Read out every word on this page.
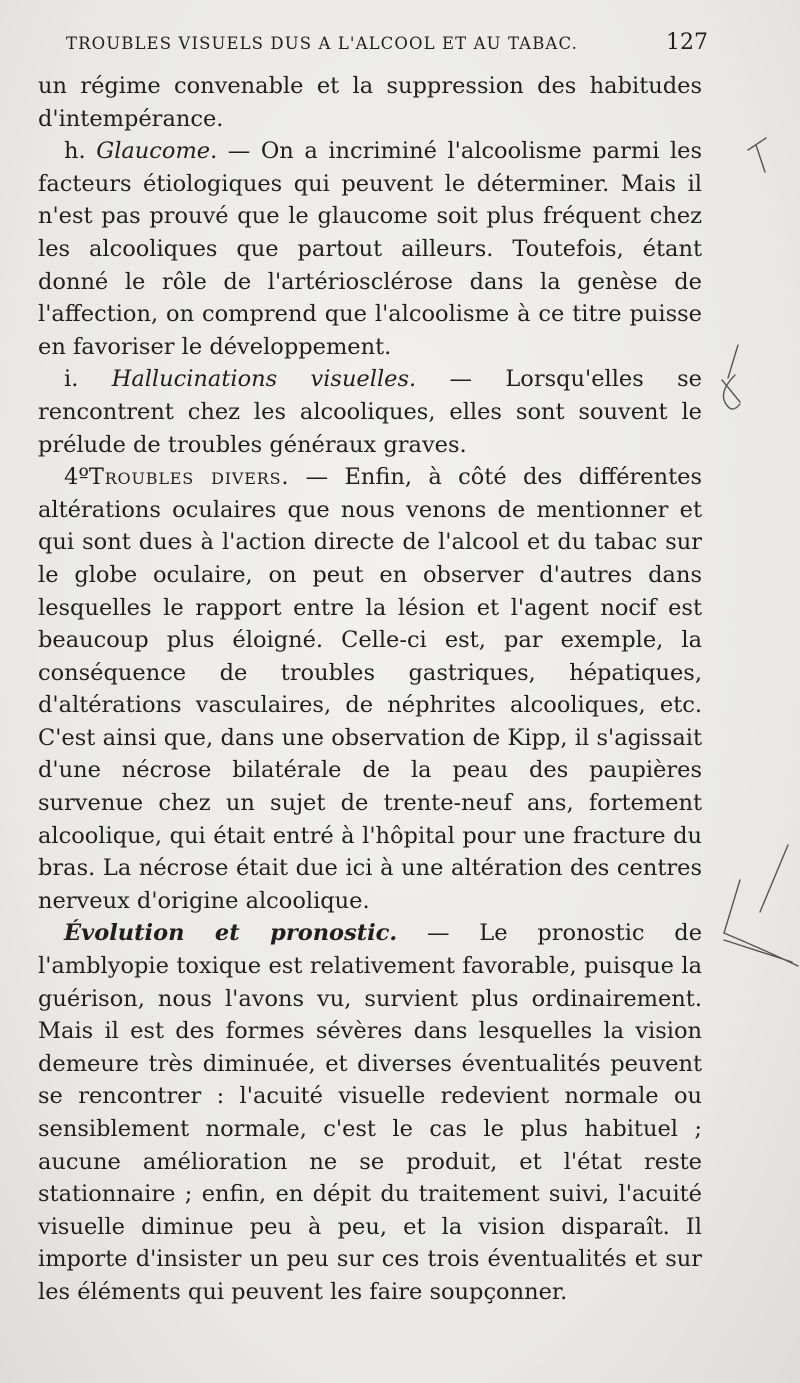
TROUBLES VISUELS DUS A L'ALCOOL ET AU TABAC.	127

un régime convenable et la suppression des habitudes d'intempérance.

h. Glaucome. — On a incriminé l'alcoolisme parmi les facteurs étiologiques qui peuvent le déterminer. Mais il n'est pas prouvé que le glaucome soit plus fréquent chez les alcooliques que partout ailleurs. Toutefois, étant donné le rôle de l'artériosclérose dans la genèse de l'affection, on comprend que l'alcoolisme à ce titre puisse en favoriser le développement.

i. Hallucinations visuelles. — Lorsqu'elles se rencontrent chez les alcooliques, elles sont souvent le prélude de troubles généraux graves.

4ºTroubles divers. — Enfin, à côté des différentes altérations oculaires que nous venons de mentionner et qui sont dues à l'action directe de l'alcool et du tabac sur le globe oculaire, on peut en observer d'autres dans lesquelles le rapport entre la lésion et l'agent nocif est beaucoup plus éloigné. Celle-ci est, par exemple, la conséquence de troubles gastriques, hépatiques, d'altérations vasculaires, de néphrites alcooliques, etc. C'est ainsi que, dans une observation de Kipp, il s'agissait d'une nécrose bilatérale de la peau des paupières survenue chez un sujet de trente-neuf ans, fortement alcoolique, qui était entré à l'hôpital pour une fracture du bras. La nécrose était due ici à une altération des centres nerveux d'origine alcoolique.

Évolution et pronostic. — Le pronostic de l'amblyopie toxique est relativement favorable, puisque la guérison, nous l'avons vu, survient plus ordinairement. Mais il est des formes sévères dans lesquelles la vision demeure très diminuée, et diverses éventualités peuvent se rencontrer : l'acuité visuelle redevient normale ou sensiblement normale, c'est le cas le plus habituel ; aucune amélioration ne se produit, et l'état reste stationnaire ; enfin, en dépit du traitement suivi, l'acuité visuelle diminue peu à peu, et la vision disparaît. Il importe d'insister un peu sur ces trois éventualités et sur les éléments qui peuvent les faire soupçonner.
